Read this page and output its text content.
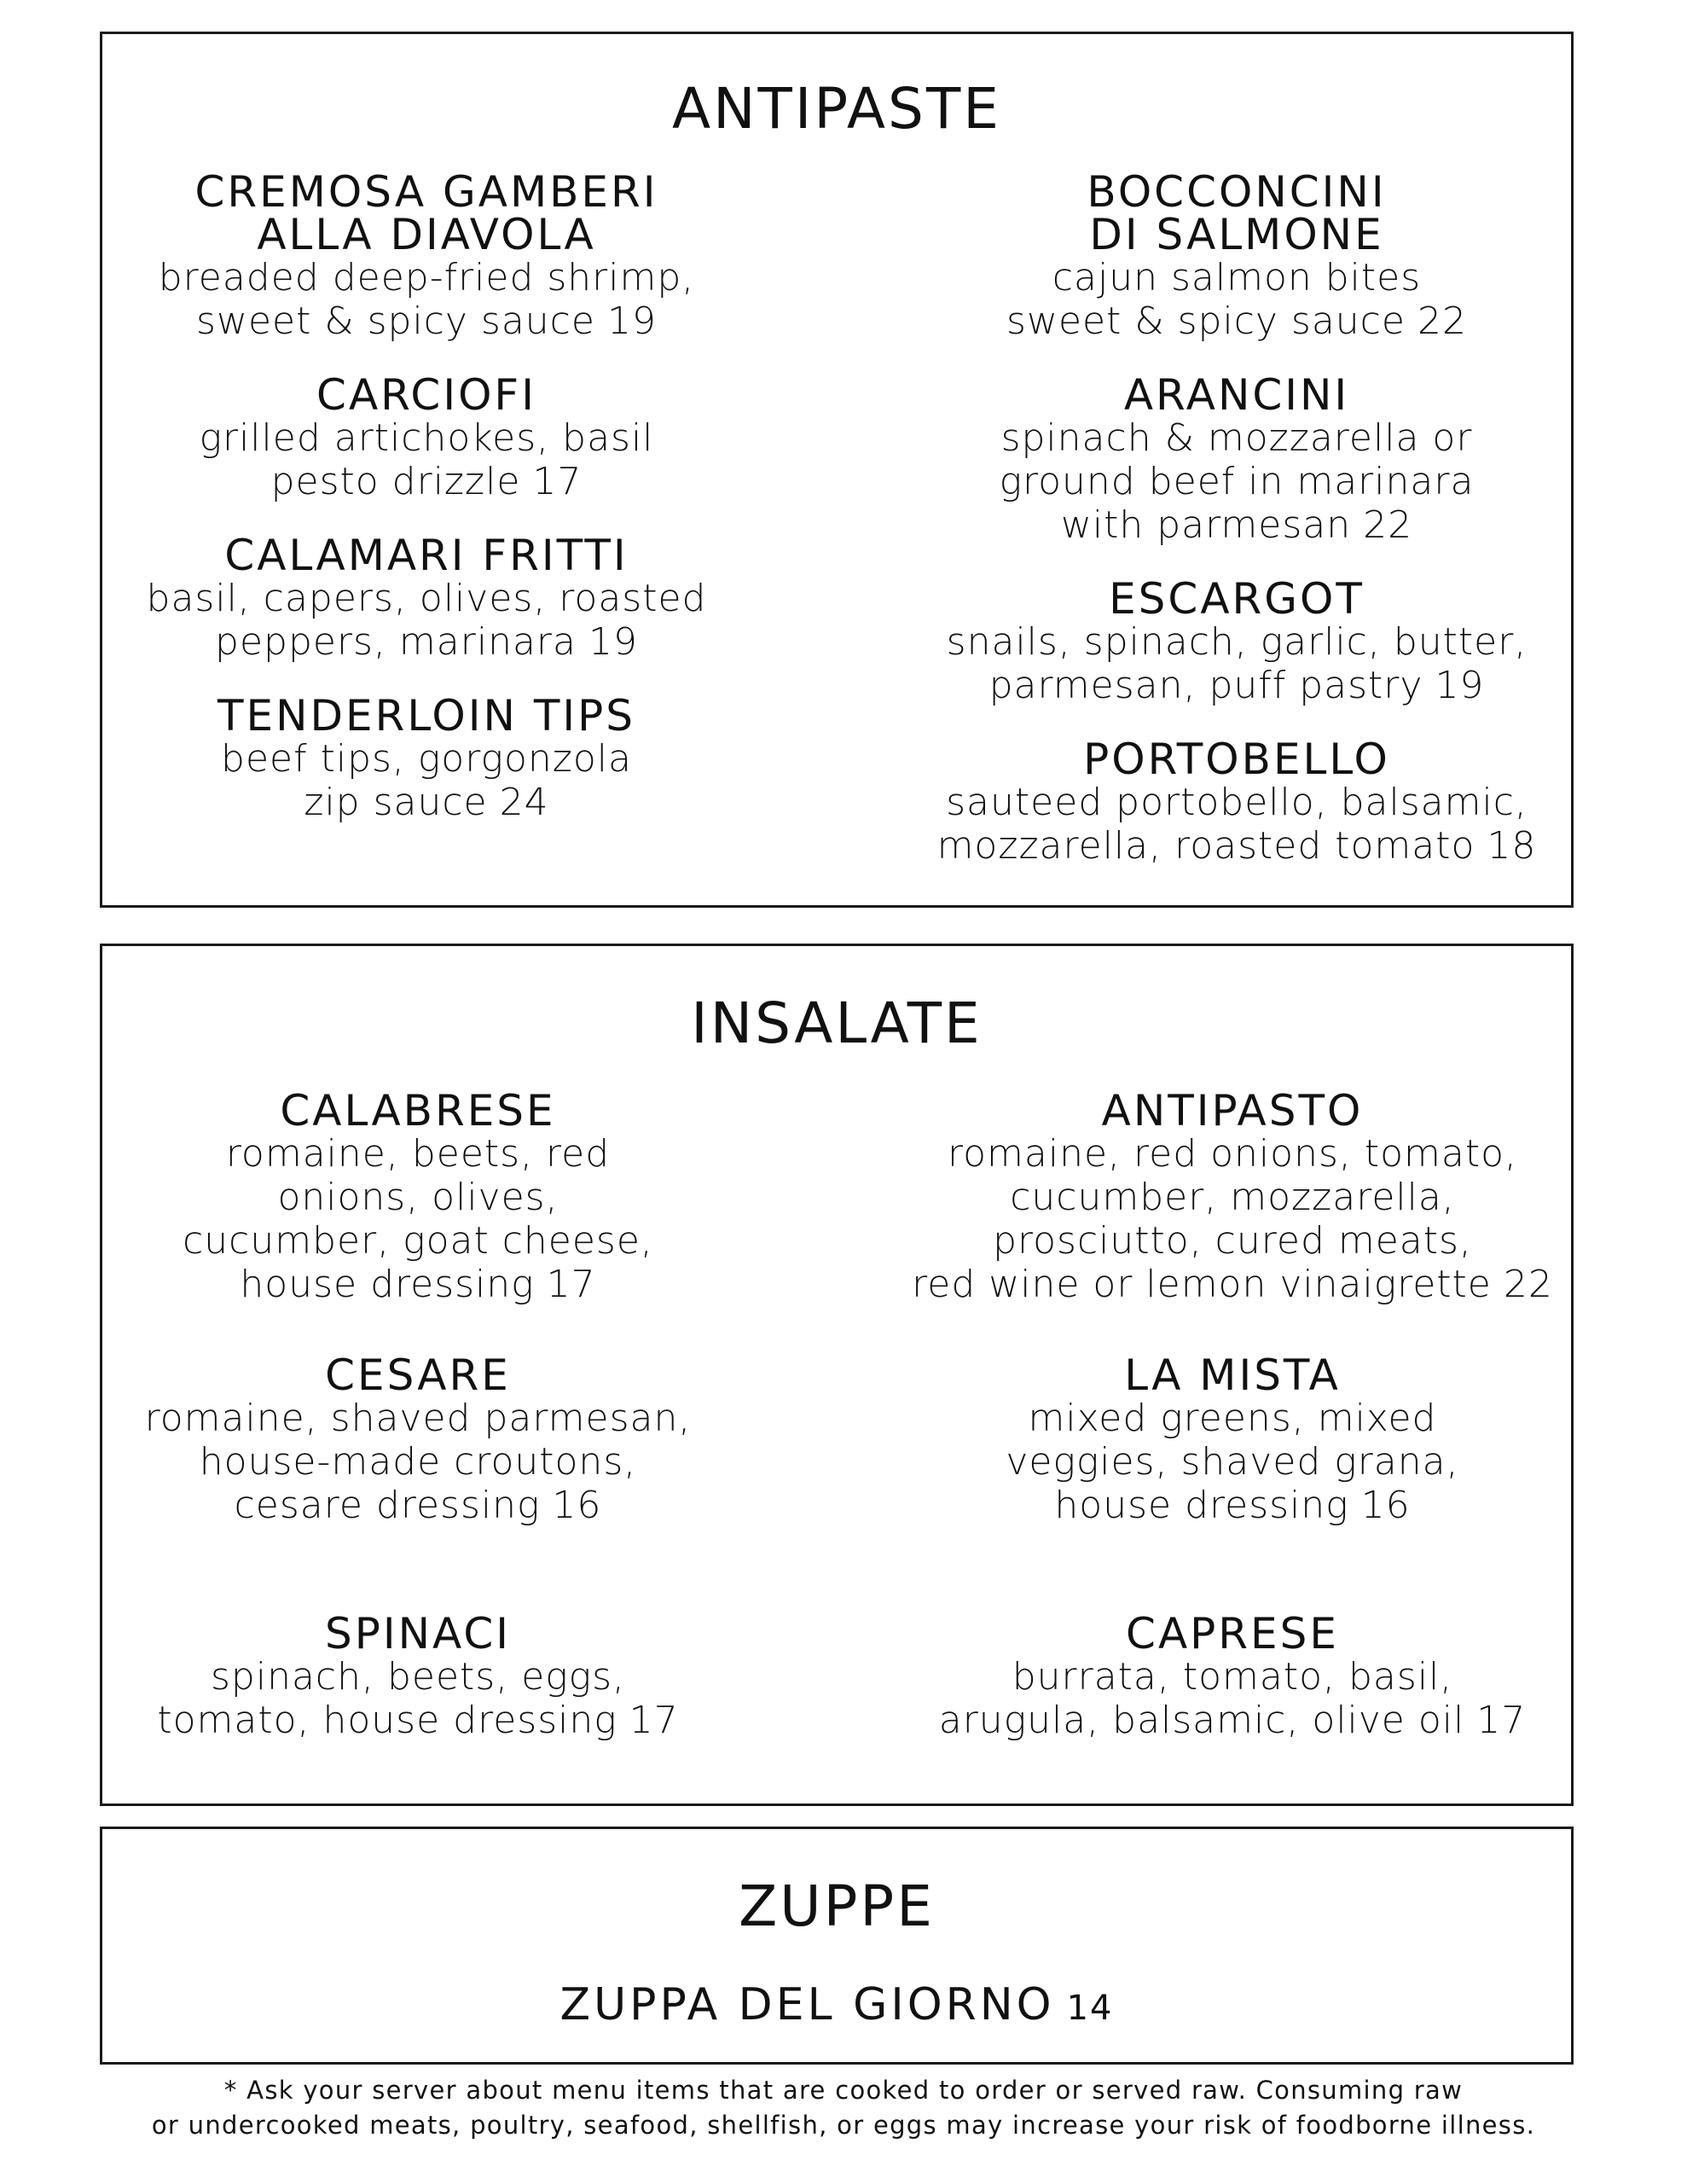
ANTIPASTE

CREMOSA GAMBERI
ALLA DIAVOLA

breaded deep-fried shrimp,
sweet & spicy sauce 19

CARCIOFI

grilled artichokes, basil
pesto drizzle 17

CALAMARI FRITTI

basil, capers, olives, roasted
peppers, marinara 19

TENDERLOIN TIPS

beef tips, gorgonzola
zip sauce 24

BOCCONCINI
DI SALMONE

cajun salmon bites
sweet & spicy sauce 22

ARANCINI

spinach & mozzarella or
ground beef in marinara
with parmesan 22

ESCARGOT

snails, spinach, garlic, butter,
parmesan, puff pastry 19

PORTOBELLO

sauteed portobello, balsamic,
mozzarella, roasted tomato 18

INSALATE

CALABRESE

romaine, beets, red
onions, olives,
cucumber, goat cheese,
house dressing 17

CESARE

romaine, shaved parmesan,
house-made croutons,
cesare dressing 16

SPINACI

spinach, beets, eggs,
tomato, house dressing 17

ANTIPASTO

romaine, red onions, tomato,
cucumber, mozzarella,
prosciutto, cured meats,
red wine or lemon vinaigrette 22

LA MISTA

mixed greens, mixed
veggies, shaved grana,
house dressing 16

CAPRESE

burrata, tomato, basil,
arugula, balsamic, olive oil 17

ZUPPE
ZUPPA DEL GIORNO 14
* Ask your server about menu items that are cooked to order or served raw. Consuming raw
or undercooked meats, poultry, seafood, shellfish, or eggs may increase your risk of foodborne illness.
